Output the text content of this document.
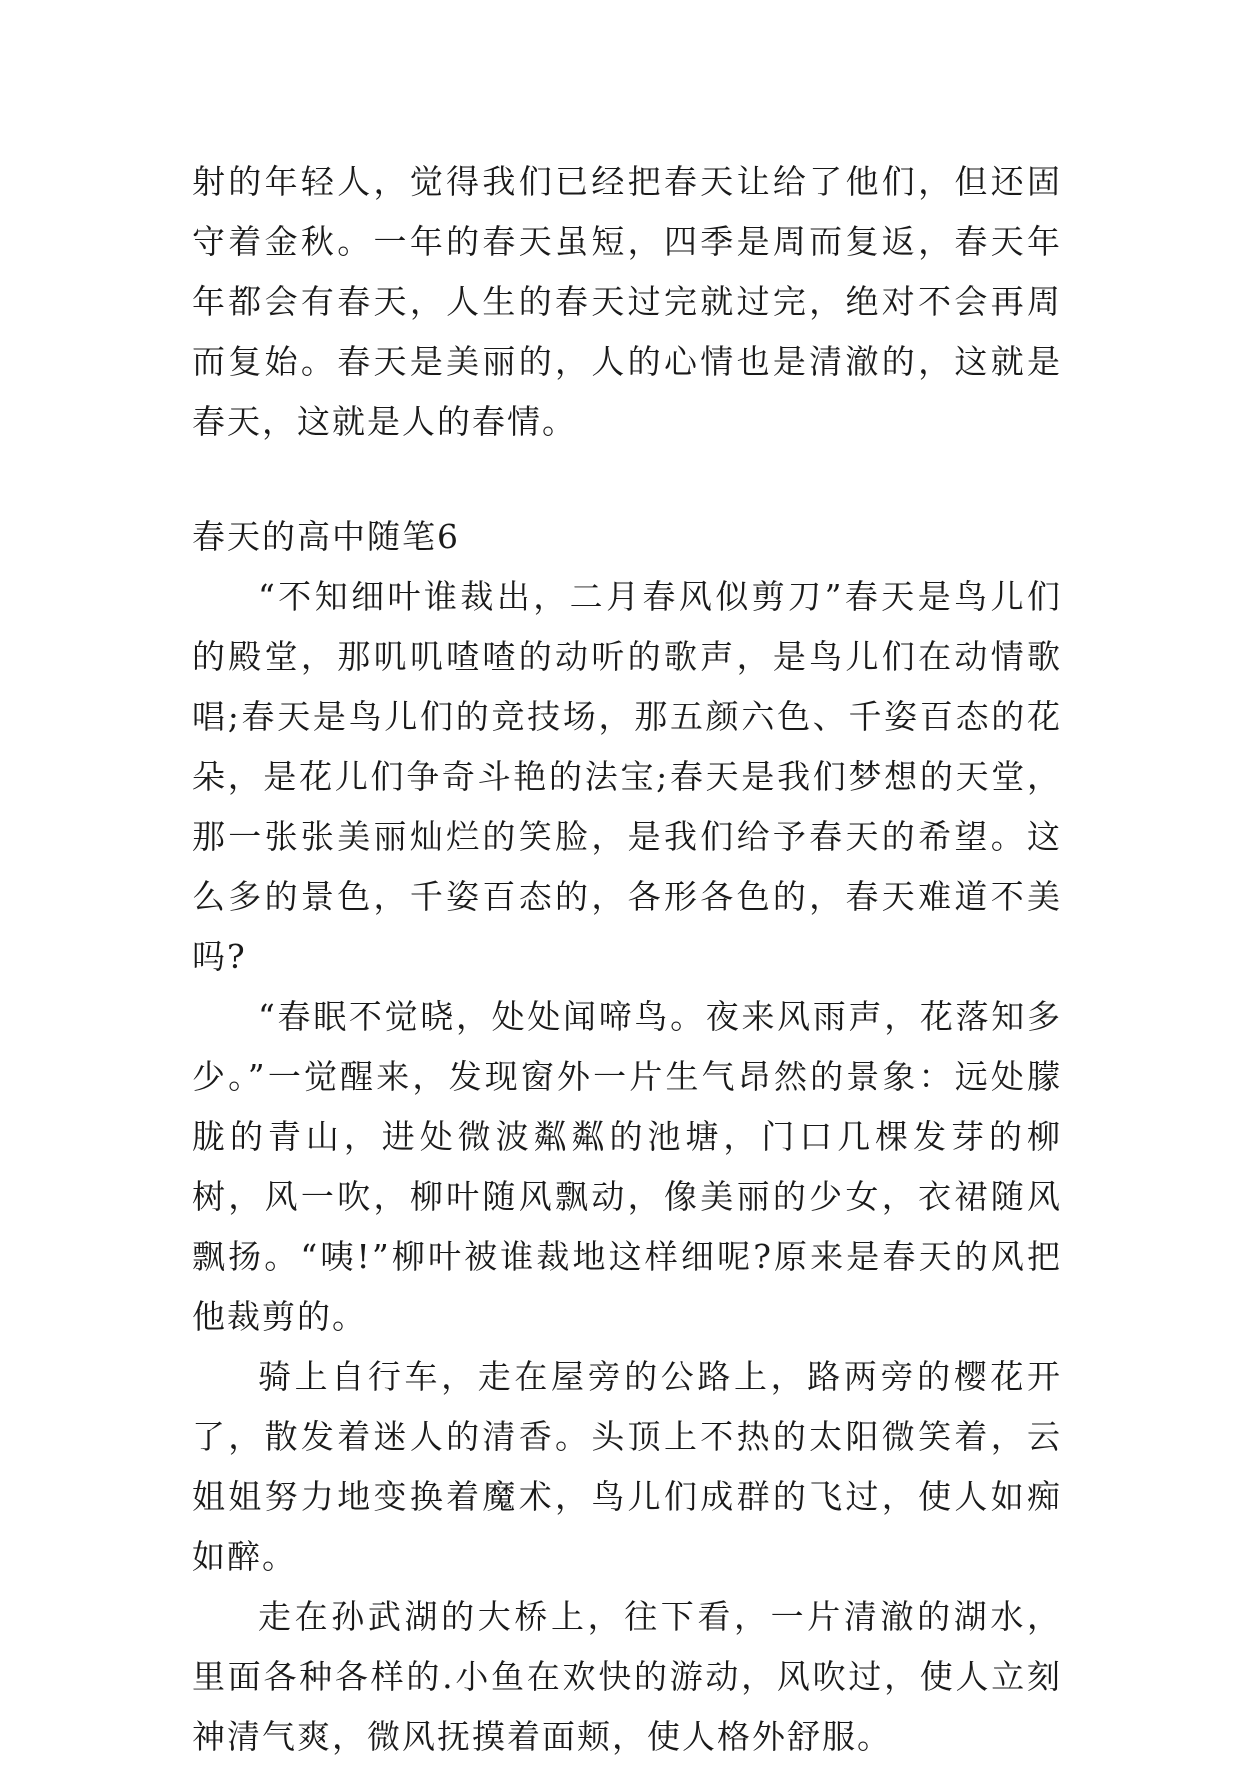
射的年轻人，觉得我们已经把春天让给了他们，但还固守着金秋。一年的春天虽短，四季是周而复返，春天年年都会有春天，人生的春天过完就过完，绝对不会再周而复始。春天是美丽的，人的心情也是清澈的，这就是春天，这就是人的春情。

春天的高中随笔6

“不知细叶谁裁出，二月春风似剪刀”春天是鸟儿们的殿堂，那叽叽喳喳的动听的歌声，是鸟儿们在动情歌唱;春天是鸟儿们的竞技场，那五颜六色、千姿百态的花朵，是花儿们争奇斗艳的法宝;春天是我们梦想的天堂，那一张张美丽灿烂的笑脸，是我们给予春天的希望。这么多的景色，千姿百态的，各形各色的，春天难道不美吗?

“春眠不觉晓，处处闻啼鸟。夜来风雨声，花落知多少。”一觉醒来，发现窗外一片生气昂然的景象：远处朦胧的青山，进处微波粼粼的池塘，门口几棵发芽的柳树，风一吹，柳叶随风飘动，像美丽的少女，衣裙随风飘扬。“咦!”柳叶被谁裁地这样细呢?原来是春天的风把他裁剪的。

骑上自行车，走在屋旁的公路上，路两旁的樱花开了，散发着迷人的清香。头顶上不热的太阳微笑着，云姐姐努力地变换着魔术，鸟儿们成群的飞过，使人如痴如醉。

走在孙武湖的大桥上，往下看，一片清澈的湖水，里面各种各样的.小鱼在欢快的游动，风吹过，使人立刻神清气爽，微风抚摸着面颊，使人格外舒服。
